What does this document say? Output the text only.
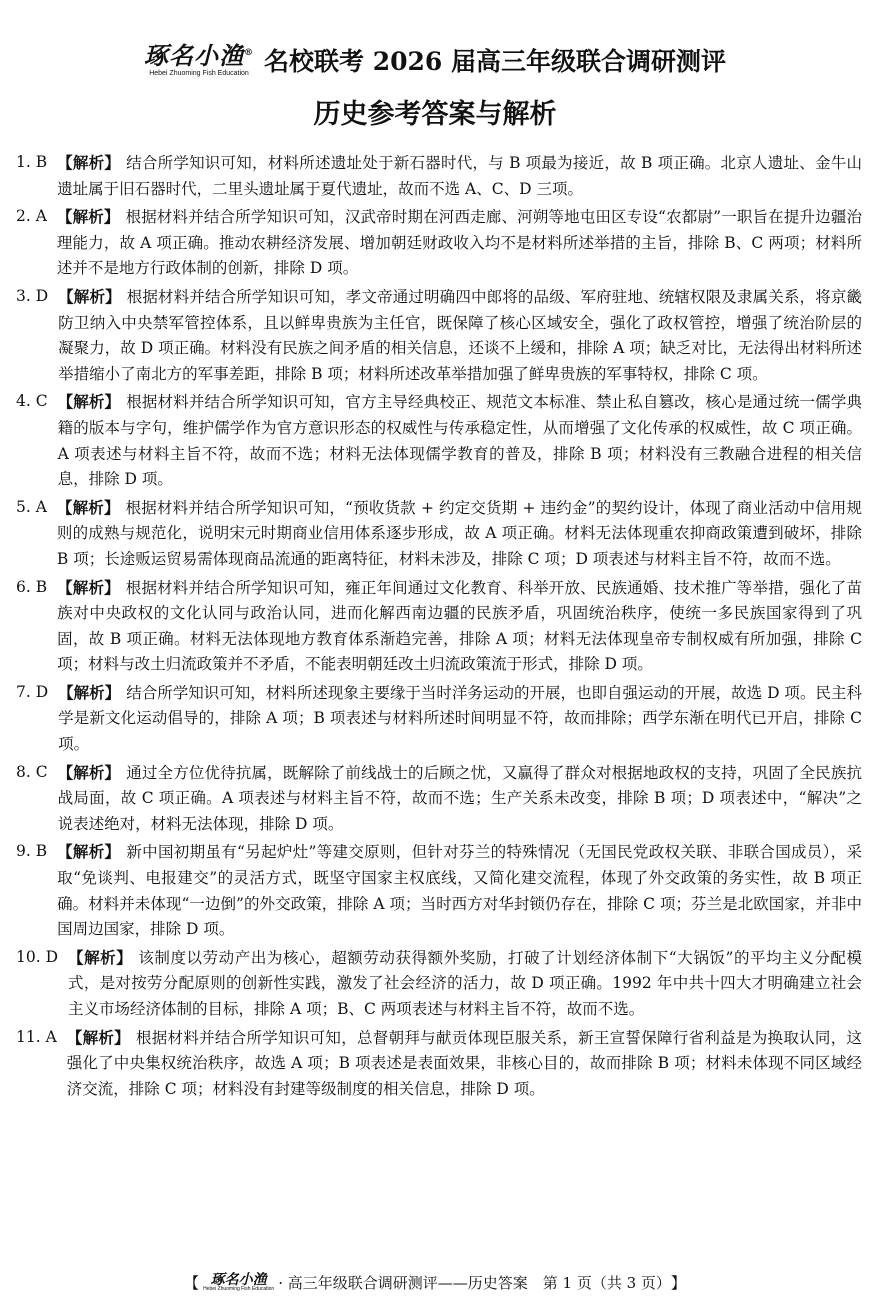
琢名小渔®
Hebei Zhuoming Fish Education 名校联考 2026 届高三年级联合调研测评
历史参考答案与解析
1. B 【解析】 结合所学知识可知，材料所述遗址处于新石器时代，与 B 项最为接近，故 B 项正确。北京人遗址、金牛山遗址属于旧石器时代，二里头遗址属于夏代遗址，故而不选 A、C、D 三项。
2. A 【解析】 根据材料并结合所学知识可知，汉武帝时期在河西走廊、河朔等地屯田区专设“农都尉”一职旨在提升边疆治理能力，故 A 项正确。推动农耕经济发展、增加朝廷财政收入均不是材料所述举措的主旨，排除 B、C 两项；材料所述并不是地方行政体制的创新，排除 D 项。
3. D 【解析】 根据材料并结合所学知识可知，孝文帝通过明确四中郎将的品级、军府驻地、统辖权限及隶属关系，将京畿防卫纳入中央禁军管控体系，且以鲜卑贵族为主任官，既保障了核心区域安全，强化了政权管控，增强了统治阶层的凝聚力，故 D 项正确。材料没有民族之间矛盾的相关信息，还谈不上缓和，排除 A 项；缺乏对比，无法得出材料所述举措缩小了南北方的军事差距，排除 B 项；材料所述改革举措加强了鲜卑贵族的军事特权，排除 C 项。
4. C 【解析】 根据材料并结合所学知识可知，官方主导经典校正、规范文本标准、禁止私自篡改，核心是通过统一儒学典籍的版本与字句，维护儒学作为官方意识形态的权威性与传承稳定性，从而增强了文化传承的权威性，故 C 项正确。A 项表述与材料主旨不符，故而不选；材料无法体现儒学教育的普及，排除 B 项；材料没有三教融合进程的相关信息，排除 D 项。
5. A 【解析】 根据材料并结合所学知识可知，“预收货款 + 约定交货期 + 违约金”的契约设计，体现了商业活动中信用规则的成熟与规范化，说明宋元时期商业信用体系逐步形成，故 A 项正确。材料无法体现重农抑商政策遭到破坏，排除 B 项；长途贩运贸易需体现商品流通的距离特征，材料未涉及，排除 C 项；D 项表述与材料主旨不符，故而不选。
6. B 【解析】 根据材料并结合所学知识可知，雍正年间通过文化教育、科举开放、民族通婚、技术推广等举措，强化了苗族对中央政权的文化认同与政治认同，进而化解西南边疆的民族矛盾，巩固统治秩序，使统一多民族国家得到了巩固，故 B 项正确。材料无法体现地方教育体系渐趋完善，排除 A 项；材料无法体现皇帝专制权威有所加强，排除 C 项；材料与改土归流政策并不矛盾，不能表明朝廷改土归流政策流于形式，排除 D 项。
7. D 【解析】 结合所学知识可知，材料所述现象主要缘于当时洋务运动的开展，也即自强运动的开展，故选 D 项。民主科学是新文化运动倡导的，排除 A 项；B 项表述与材料所述时间明显不符，故而排除；西学东渐在明代已开启，排除 C 项。
8. C 【解析】 通过全方位优待抗属，既解除了前线战士的后顾之忧，又赢得了群众对根据地政权的支持，巩固了全民族抗战局面，故 C 项正确。A 项表述与材料主旨不符，故而不选；生产关系未改变，排除 B 项；D 项表述中，“解决”之说表述绝对，材料无法体现，排除 D 项。
9. B 【解析】 新中国初期虽有“另起炉灶”等建交原则，但针对芬兰的特殊情况（无国民党政权关联、非联合国成员），采取“免谈判、电报建交”的灵活方式，既坚守国家主权底线，又简化建交流程，体现了外交政策的务实性，故 B 项正确。材料并未体现“一边倒”的外交政策，排除 A 项；当时西方对华封锁仍存在，排除 C 项；芬兰是北欧国家，并非中国周边国家，排除 D 项。
10. D 【解析】 该制度以劳动产出为核心，超额劳动获得额外奖励，打破了计划经济体制下“大锅饭”的平均主义分配模式，是对按劳分配原则的创新性实践，激发了社会经济的活力，故 D 项正确。1992 年中共十四大才明确建立社会主义市场经济体制的目标，排除 A 项；B、C 两项表述与材料主旨不符，故而不选。
11. A 【解析】 根据材料并结合所学知识可知，总督朝拜与献贡体现臣服关系，新王宣誓保障行省利益是为换取认同，这强化了中央集权统治秩序，故选 A 项；B 项表述是表面效果，非核心目的，故而排除 B 项；材料未体现不同区域经济交流，排除 C 项；材料没有封建等级制度的相关信息，排除 D 项。
【 琢名小渔
Hebei Zhuoming Fish Education · 高三年级联合调研测评——历史答案　第 1 页（共 3 页） 】
